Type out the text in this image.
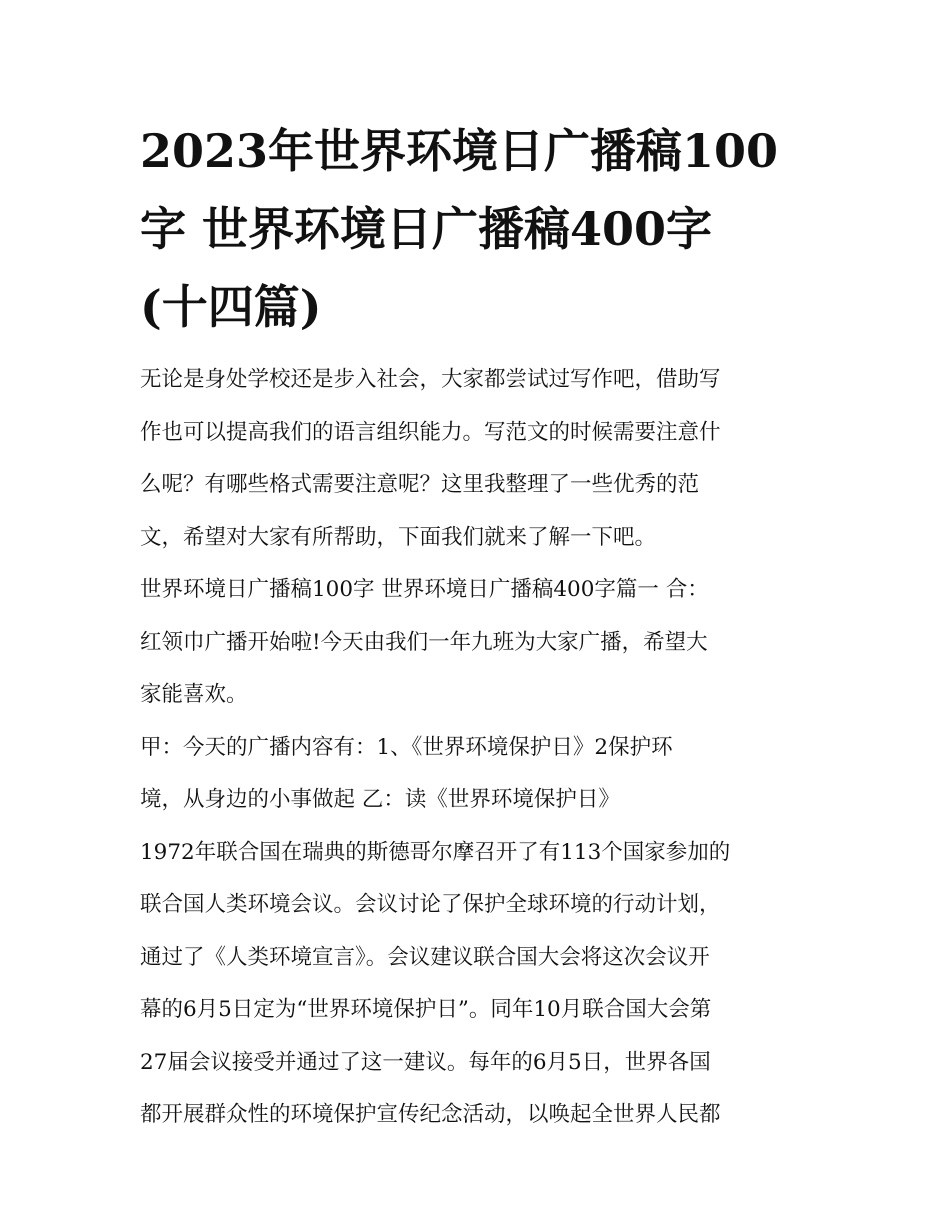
2023年世界环境日广播稿100
字 世界环境日广播稿400字
(十四篇)
无论是身处学校还是步入社会，大家都尝试过写作吧，借助写
作也可以提高我们的语言组织能力。写范文的时候需要注意什
么呢？有哪些格式需要注意呢？这里我整理了一些优秀的范
文，希望对大家有所帮助，下面我们就来了解一下吧。
世界环境日广播稿100字 世界环境日广播稿400字篇一 合：
红领巾广播开始啦!今天由我们一年九班为大家广播，希望大
家能喜欢。
甲：今天的广播内容有：1、《世界环境保护日》2保护环
境，从身边的小事做起 乙：读《世界环境保护日》
1972年联合国在瑞典的斯德哥尔摩召开了有113个国家参加的
联合国人类环境会议。会议讨论了保护全球环境的行动计划，
通过了《人类环境宣言》。会议建议联合国大会将这次会议开
幕的6月5日定为“世界环境保护日”。同年10月联合国大会第
27届会议接受并通过了这一建议。每年的6月5日，世界各国
都开展群众性的环境保护宣传纪念活动，以唤起全世界人民都
